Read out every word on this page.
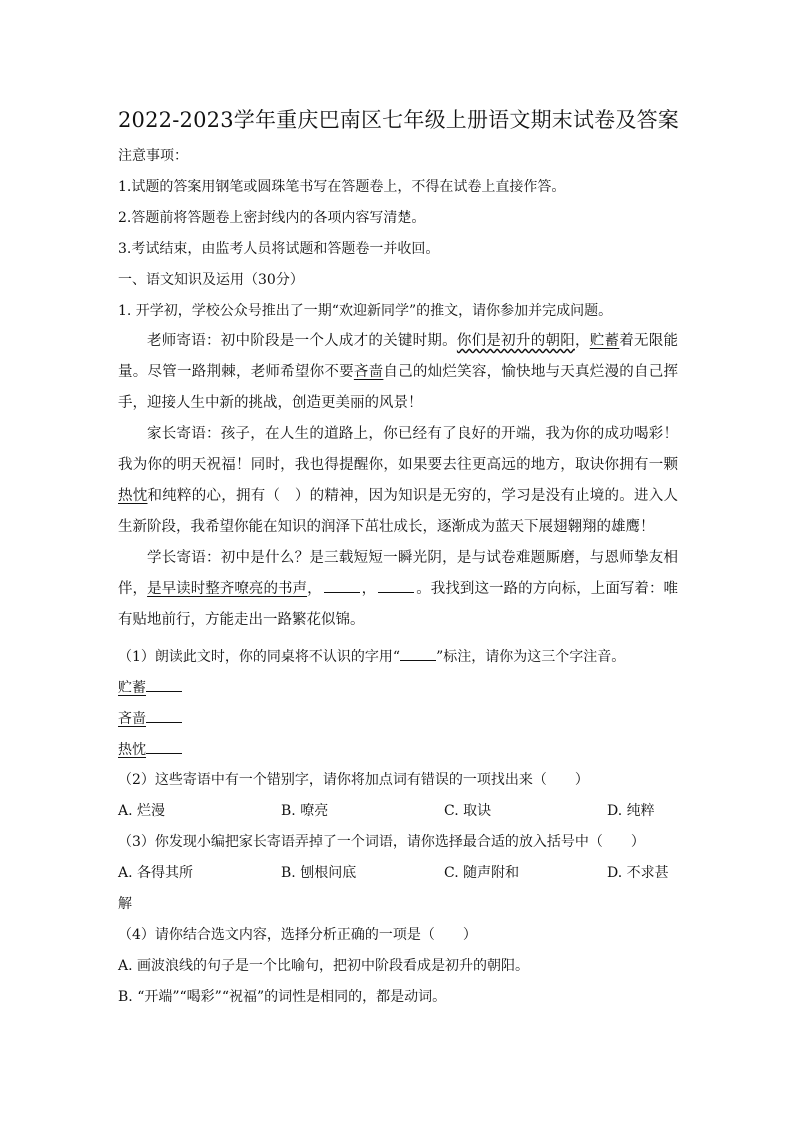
2022-2023学年重庆巴南区七年级上册语文期末试卷及答案
注意事项：
1.试题的答案用钢笔或圆珠笔书写在答题卷上，不得在试卷上直接作答。
2.答题前将答题卷上密封线内的各项内容写清楚。
3.考试结束，由监考人员将试题和答题卷一并收回。
一、语文知识及运用（30分）
1. 开学初，学校公众号推出了一期“欢迎新同学”的推文，请你参加并完成问题。
老师寄语：初中阶段是一个人成才的关键时期。你们是初升的朝阳，贮蓄着无限能量。尽管一路荆棘，老师希望你不要吝啬自己的灿烂笑容，愉快地与天真烂漫的自己挥手，迎接人生中新的挑战，创造更美丽的风景！
家长寄语：孩子，在人生的道路上，你已经有了良好的开端，我为你的成功喝彩！我为你的明天祝福！同时，我也得提醒你，如果要去往更高远的地方，取诀你拥有一颗热忱和纯粹的心，拥有（　）的精神，因为知识是无穷的，学习是没有止境的。进入人生新阶段，我希望你能在知识的润泽下茁壮成长，逐渐成为蓝天下展翅翱翔的雄鹰！
学长寄语：初中是什么？是三载短短一瞬光阴，是与试卷难题厮磨，与恩师挚友相伴，是早读时整齐嘹亮的书声，	，	。我找到这一路的方向标，上面写着：唯有贴地前行，方能走出一路繁花似锦。
（1）朗读此文时，你的同桌将不认识的字用“	”标注，请你为这三个字注音。
贮蓄
吝啬
热忱
（2）这些寄语中有一个错别字，请你将加点词有错误的一项找出来（　　）
A. 烂漫	B. 嘹亮	C. 取诀	D. 纯粹
（3）你发现小编把家长寄语弄掉了一个词语，请你选择最合适的放入括号中（　　）
A. 各得其所	B. 刨根问底	C. 随声附和	D. 不求甚
解
（4）请你结合选文内容，选择分析正确的一项是（　　）
A. 画波浪线的句子是一个比喻句，把初中阶段看成是初升的朝阳。
B. “开端”“喝彩”“祝福”的词性是相同的，都是动词。
